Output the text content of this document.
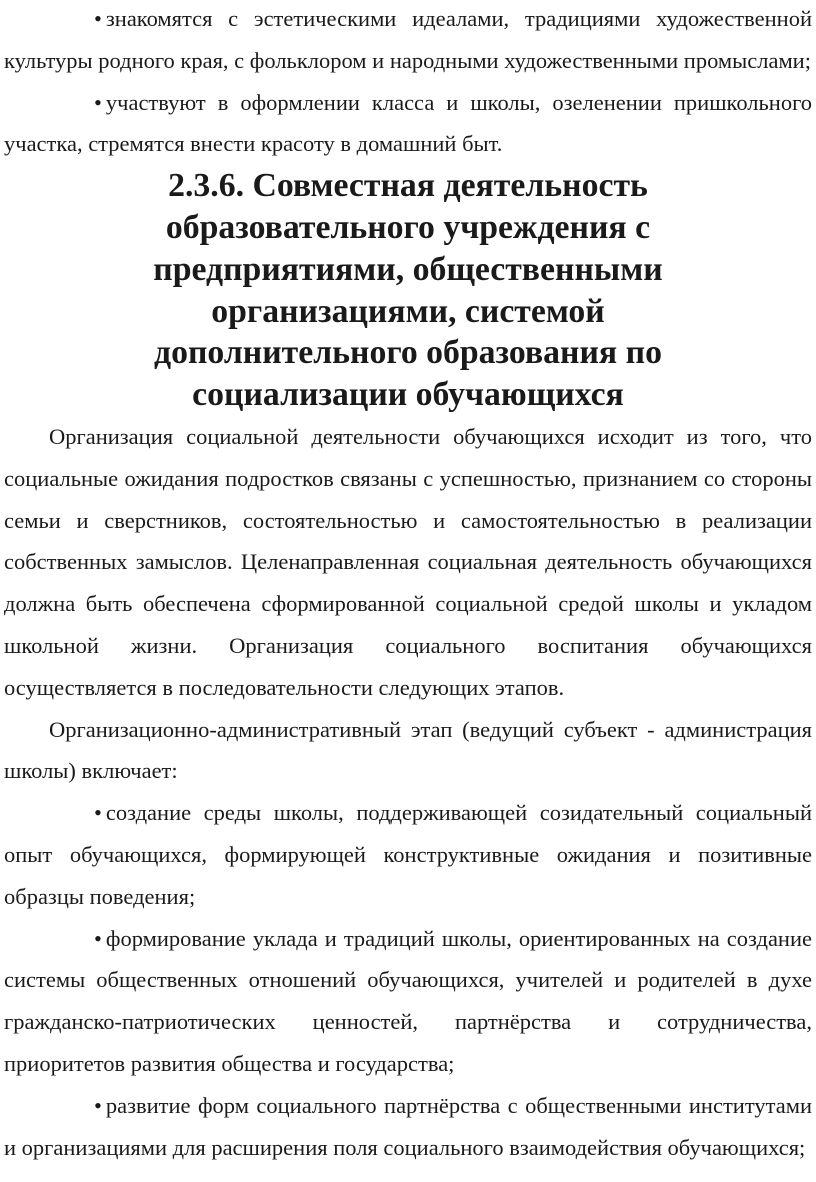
• знакомятся с эстетическими идеалами, традициями художественной культуры родного края, с фольклором и народными художественными промыслами;

• участвуют в оформлении класса и школы, озеленении пришкольного участка, стремятся внести красоту в домашний быт.

2.3.6. Совместная деятельность образовательного учреждения с
предприятиями, общественными организациями, системой
дополнительного образования по социализации обучающихся

Организация социальной деятельности обучающихся исходит из того, что социальные ожидания подростков связаны с успешностью, признанием со стороны семьи и сверстников, состоятельностью и самостоятельностью в реализации собственных замыслов. Целенаправленная социальная деятельность обучающихся должна быть обеспечена сформированной социальной средой школы и укладом школьной жизни. Организация социального воспитания обучающихся осуществляется в последовательности следующих этапов.

Организационно-административный этап (ведущий субъект - администрация школы) включает:

• создание среды школы, поддерживающей созидательный социальный опыт обучающихся, формирующей конструктивные ожидания и позитивные образцы поведения;

• формирование уклада и традиций школы, ориентированных на создание системы общественных отношений обучающихся, учителей и родителей в духе гражданско-патриотических ценностей, партнёрства и сотрудничества, приоритетов развития общества и государства;

• развитие форм социального партнёрства с общественными институтами и организациями для расширения поля социального взаимодействия обучающихся;
